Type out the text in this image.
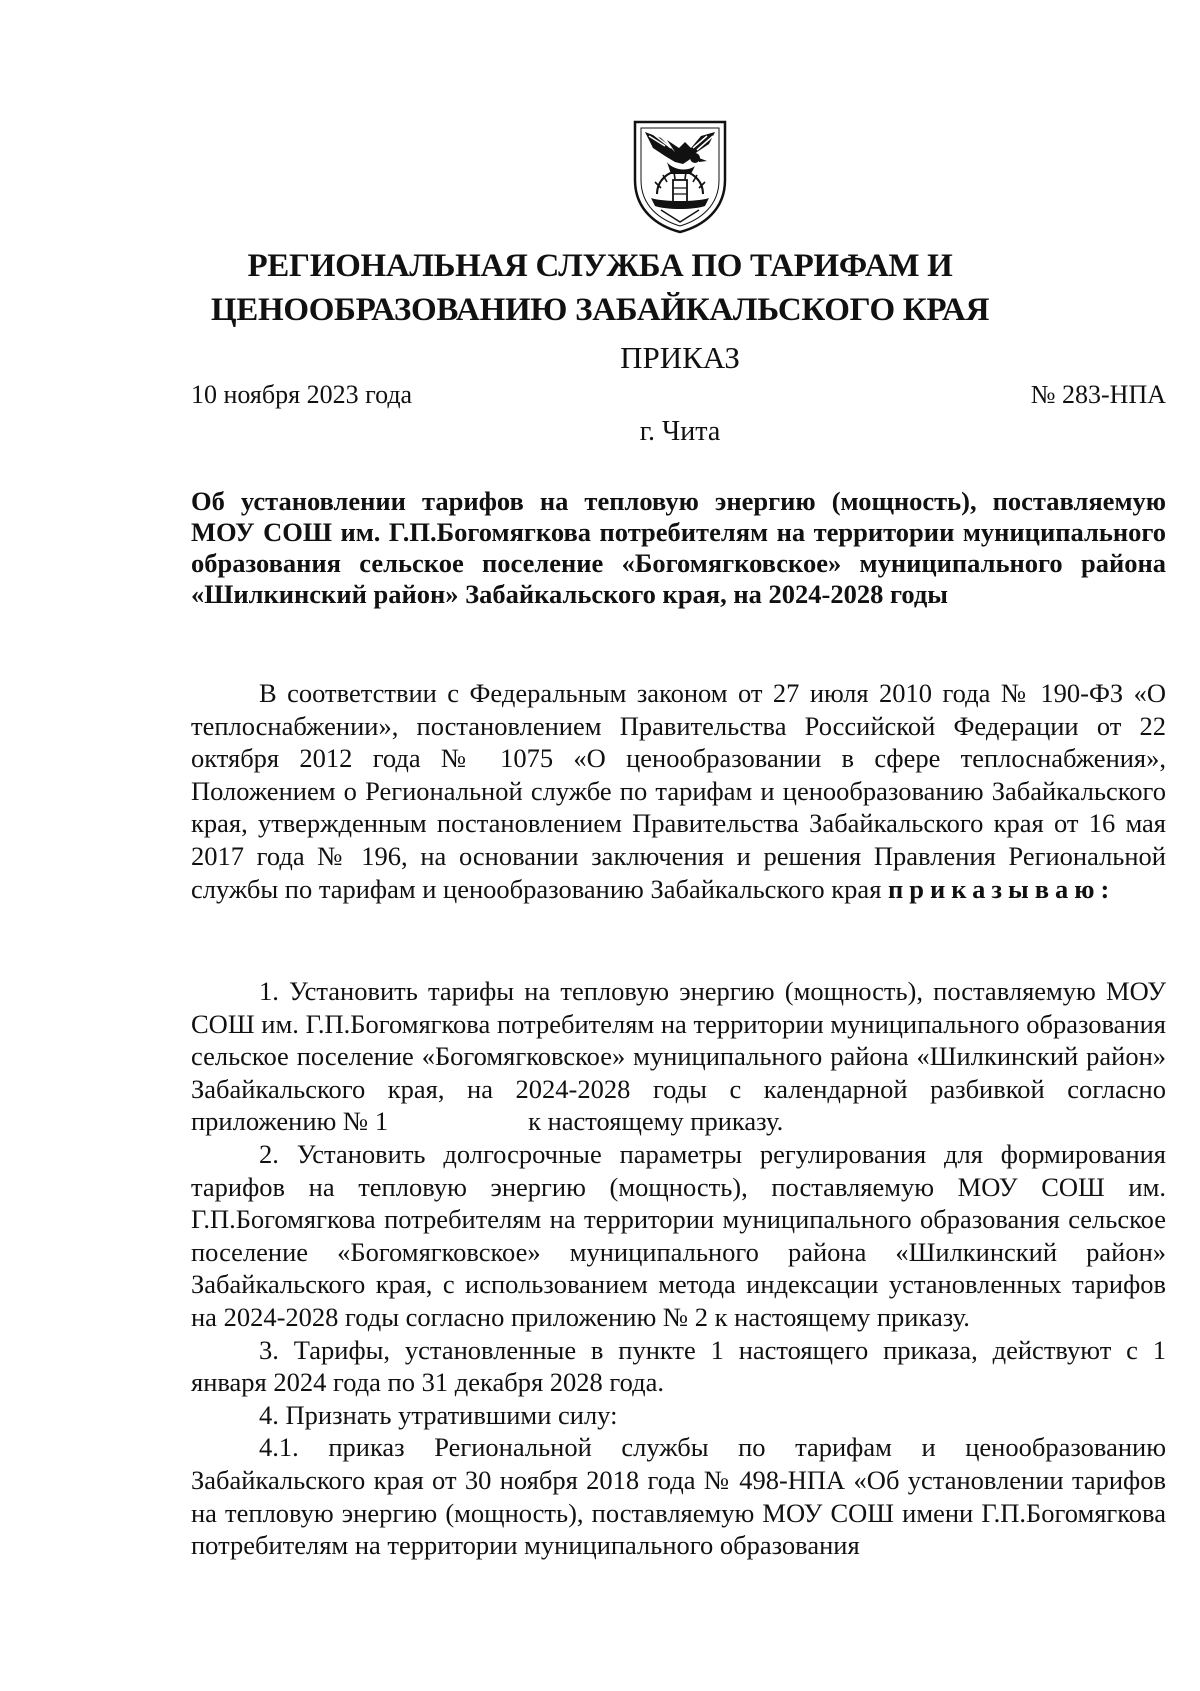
РЕГИОНАЛЬНАЯ СЛУЖБА ПО ТАРИФАМ И
ЦЕНООБРАЗОВАНИЮ ЗАБАЙКАЛЬСКОГО КРАЯ
ПРИКАЗ
10 ноября 2023 года	№ 283-НПА
г. Чита
Об установлении тарифов на тепловую энергию (мощность), поставляемую МОУ СОШ им. Г.П.Богомягкова потребителям на территории муниципального образования сельское поселение «Богомягковское» муниципального района «Шилкинский район» Забайкальского края, на 2024-2028 годы

В соответствии с Федеральным законом от 27 июля 2010 года № 190-ФЗ «О теплоснабжении», постановлением Правительства Российской Федерации от 22 октября 2012 года № 1075 «О ценообразовании в сфере теплоснабжения», Положением о Региональной службе по тарифам и ценообразованию Забайкальского края, утвержденным постановлением Правительства Забайкальского края от 16 мая 2017 года № 196, на основании заключения и решения Правления Региональной службы по тарифам и ценообразованию Забайкальского края приказываю:

1. Установить тарифы на тепловую энергию (мощность), поставляемую МОУ СОШ им. Г.П.Богомягкова потребителям на территории муниципального образования сельское поселение «Богомягковское» муниципального района «Шилкинский район» Забайкальского края, на 2024-2028 годы с календарной разбивкой согласно приложению № 1	к настоящему приказу.

2. Установить долгосрочные параметры регулирования для формирования тарифов на тепловую энергию (мощность), поставляемую МОУ СОШ им. Г.П.Богомягкова потребителям на территории муниципального образования сельское поселение «Богомягковское» муниципального района «Шилкинский район» Забайкальского края, с использованием метода индексации установленных тарифов на 2024-2028 годы согласно приложению № 2 к настоящему приказу.

3. Тарифы, установленные в пункте 1 настоящего приказа, действуют с 1 января 2024 года по 31 декабря 2028 года.

4. Признать утратившими силу:

4.1. приказ Региональной службы по тарифам и ценообразованию Забайкальского края от 30 ноября 2018 года № 498-НПА «Об установлении тарифов на тепловую энергию (мощность), поставляемую МОУ СОШ имени Г.П.Богомягкова потребителям на территории муниципального образования
